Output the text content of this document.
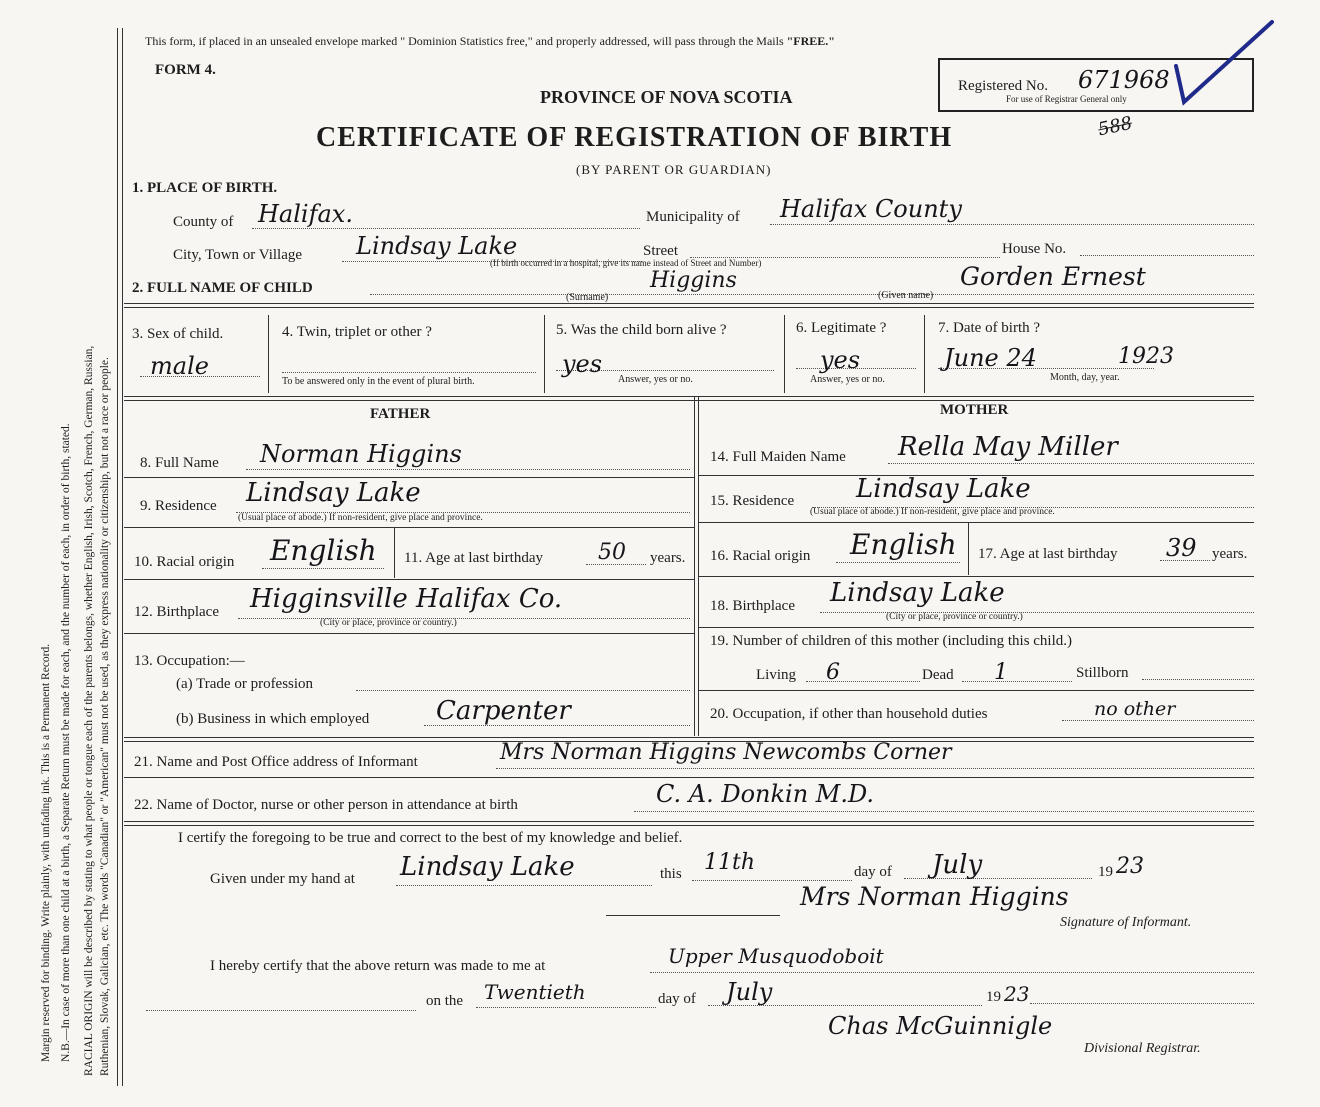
Margin reserved for binding. Write plainly, with unfading ink. This is a Permanent Record. N.B.—In case of more than one child at a birth, a Separate Return must be made for each, and the number of each, in order of birth, stated. RACIAL ORIGIN will be described by stating to what people or tongue each of the parents belongs, whether English, Irish, Scotch, French, German, Russian, Ruthenian, Slovak, Galician, etc. The words "Canadian" or "American" must not be used, as they express nationality or citizenship, but not a race or people.
This form, if placed in an unsealed envelope marked " Dominion Statistics free," and properly addressed, will pass through the Mails "FREE."
FORM 4.
PROVINCE OF NOVA SCOTIA
CERTIFICATE OF REGISTRATION OF BIRTH
(BY PARENT OR GUARDIAN)
588
Registered No. 671968
For use of Registrar General only
1. PLACE OF BIRTH.
County of Halifax.	Municipality of Halifax County
City, Town or Village Lindsay Lake	Street	House No.
(If birth occurred in a hospital, give its name instead of Street and Number)
2. FULL NAME OF CHILD	Higgins
(Surname)
Gorden Ernest
(Given name)
3. Sex of child.
male
4. Twin, triplet or other ?
To be answered only in the event of plural birth.
5. Was the child born alive ?
yes
Answer, yes or no.
6. Legitimate ?
yes
Answer, yes or no.
7. Date of birth ?
June 24	1923
Month, day, year.
FATHER	MOTHER
8. Full Name Norman Higgins
9. Residence Lindsay Lake
(Usual place of abode.) If non-resident, give place and province.
10. Racial origin English 11. Age at last birthday	50 years.
12. Birthplace Higginsville Halifax Co.
(City or place, province or country.)
13. Occupation:—
(a) Trade or profession
(b) Business in which employed	Carpenter
14. Full Maiden Name Rella May Miller
15. Residence Lindsay Lake
(Usual place of abode.) If non-resident, give place and province.
16. Racial origin English 17. Age at last birthday 39 years.
18. Birthplace Lindsay Lake
(City or place, province or country.)
19. Number of children of this mother (including this child.)
Living 6	Dead 1	Stillborn
20. Occupation, if other than household duties	no other
21. Name and Post Office address of Informant	Mrs Norman Higgins Newcombs Corner
22. Name of Doctor, nurse or other person in attendance at birth	C. A. Donkin M.D.
I certify the foregoing to be true and correct to the best of my knowledge and belief.
Given under my hand at Lindsay Lake	this 11th	day of July	19 23
Mrs Norman Higgins
Signature of Informant.
I hereby certify that the above return was made to me at	Upper Musquodoboit
on the Twentieth	day of July	19 23
Chas McGuinnigle
Divisional Registrar.
